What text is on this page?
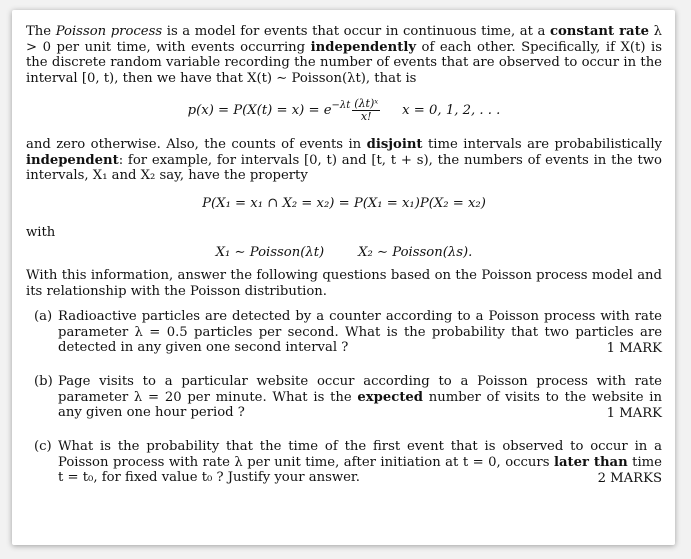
The Poisson process is a model for events that occur in continuous time, at a constant rate λ > 0 per unit time, with events occurring independently of each other. Specifically, if X(t) is the discrete random variable recording the number of events that are observed to occur in the interval [0, t), then we have that X(t) ∼ Poisson(λt), that is

$p(x) = P(X(t) = x) = e^{-\lambda t} \frac{\text{(λt)ˣ}}{x!}$ x = 0, 1, 2, . . .

and zero otherwise. Also, the counts of events in disjoint time intervals are probabilistically independent: for example, for intervals [0, t) and [t, t + s), the numbers of events in the two intervals, X₁ and X₂ say, have the property

P(X₁ = x₁ ∩ X₂ = x₂) = P(X₁ = x₁)P(X₂ = x₂)

with

X₁ ∼ Poisson(λt)	X₂ ∼ Poisson(λs).

With this information, answer the following questions based on the Poisson process model and its relationship with the Poisson distribution.

(a) Radioactive particles are detected by a counter according to a Poisson process with rate parameter λ = 0.5 particles per second. What is the probability that two particles are detected in any given one second interval ?	1 MARK
(b) Page visits to a particular website occur according to a Poisson process with rate parameter λ = 20 per minute. What is the expected number of visits to the website in any given one hour period ?	1 MARK
(c) What is the probability that the time of the first event that is observed to occur in a Poisson process with rate λ per unit time, after initiation at t = 0, occurs later than time t = t₀, for fixed value t₀ ? Justify your answer.	2 MARKS
